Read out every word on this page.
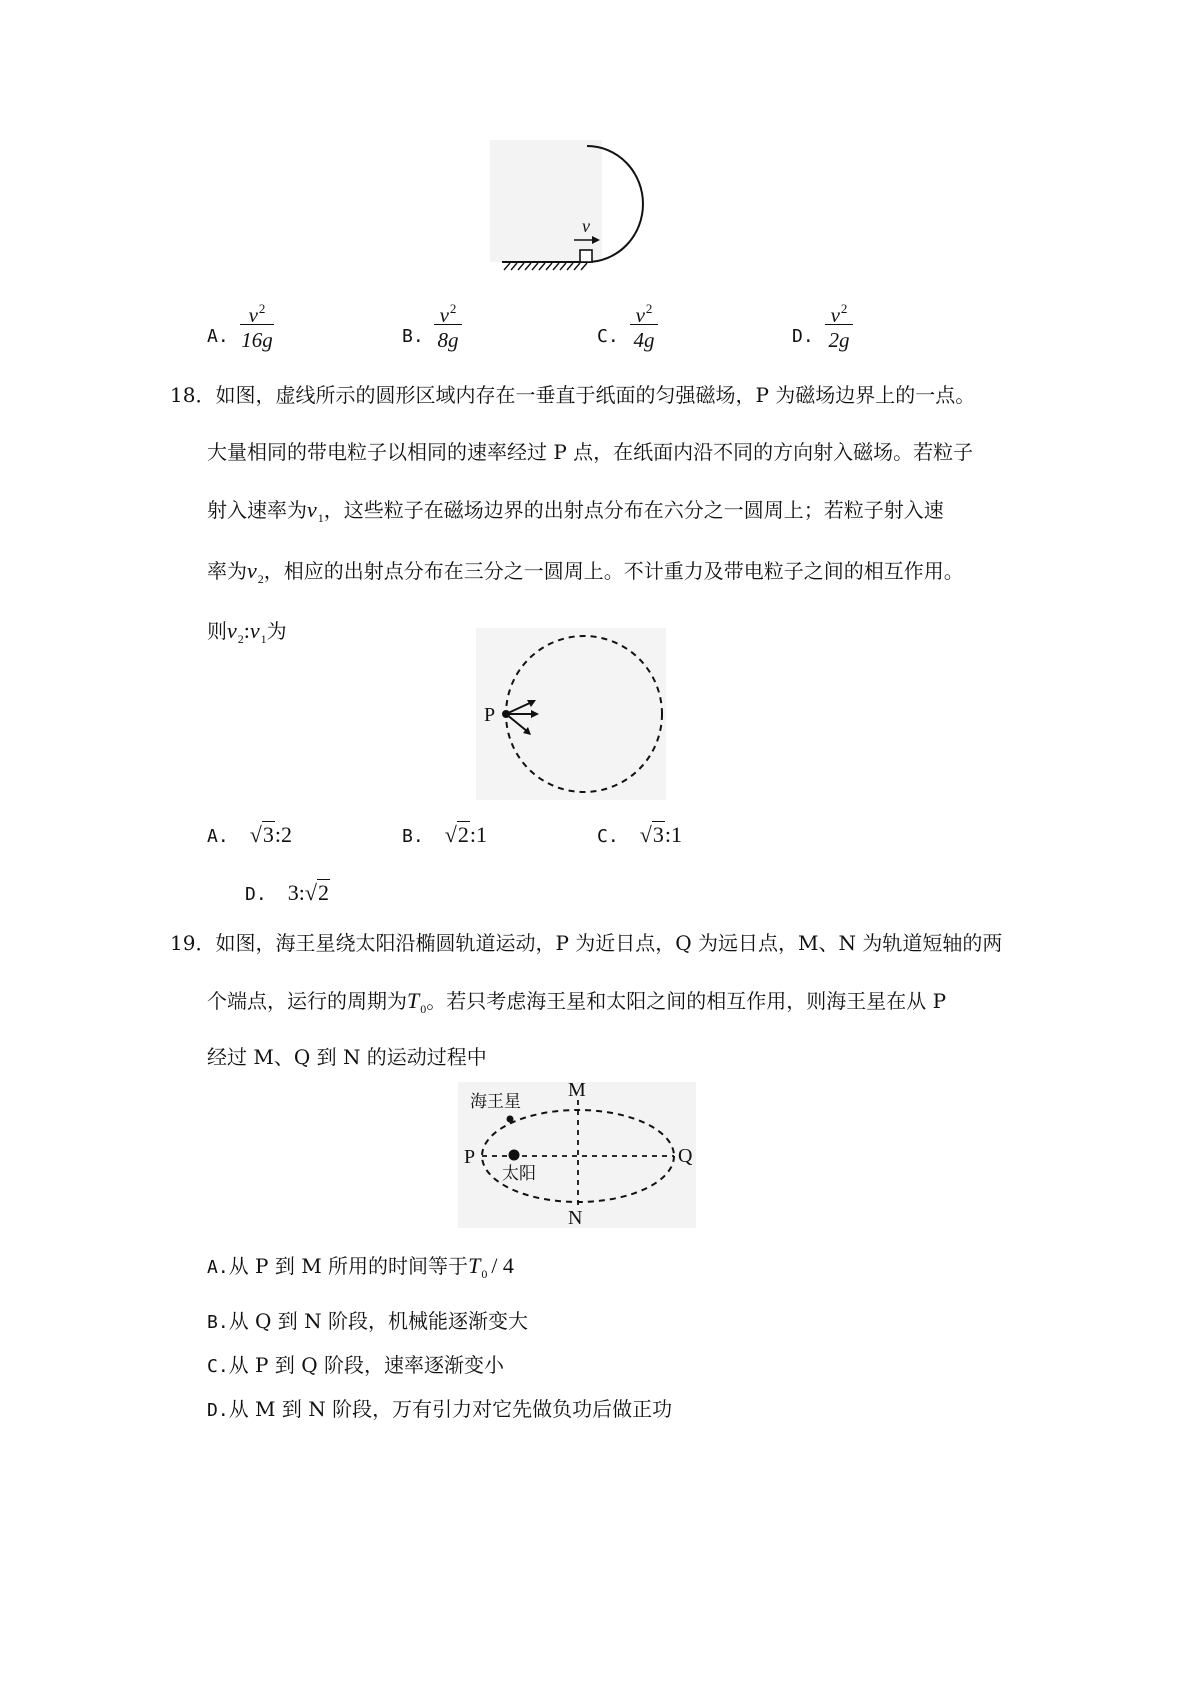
v
A.
$v^2$
16g	B.
$v^2$
8g	C.
$v^2$
4g	D.
$v^2$
2g
18．如图，虚线所示的圆形区域内存在一垂直于纸面的匀强磁场，P 为磁场边界上的一点。
大量相同的带电粒子以相同的速率经过 P 点，在纸面内沿不同的方向射入磁场。若粒子
射入速率为$v_1$，这些粒子在磁场边界的出射点分布在六分之一圆周上；若粒子射入速
率为$v_2$，相应的出射点分布在三分之一圆周上。不计重力及带电粒子之间的相互作用。
则$v_2:v_1$为
P
A. √3:2	B. √2:1	C. √3:1
D. 3:√2
19．如图，海王星绕太阳沿椭圆轨道运动，P 为近日点，Q 为远日点，M、N 为轨道短轴的两
个端点，运行的周期为$T_0$。若只考虑海王星和太阳之间的相互作用，则海王星在从 P
经过 M、Q 到 N 的运动过程中
M
N
P	Q
海王星
太阳
A.从 P 到 M 所用的时间等于$T_0 / 4$
B.从 Q 到 N 阶段，机械能逐渐变大
C.从 P 到 Q 阶段，速率逐渐变小
D.从 M 到 N 阶段，万有引力对它先做负功后做正功
